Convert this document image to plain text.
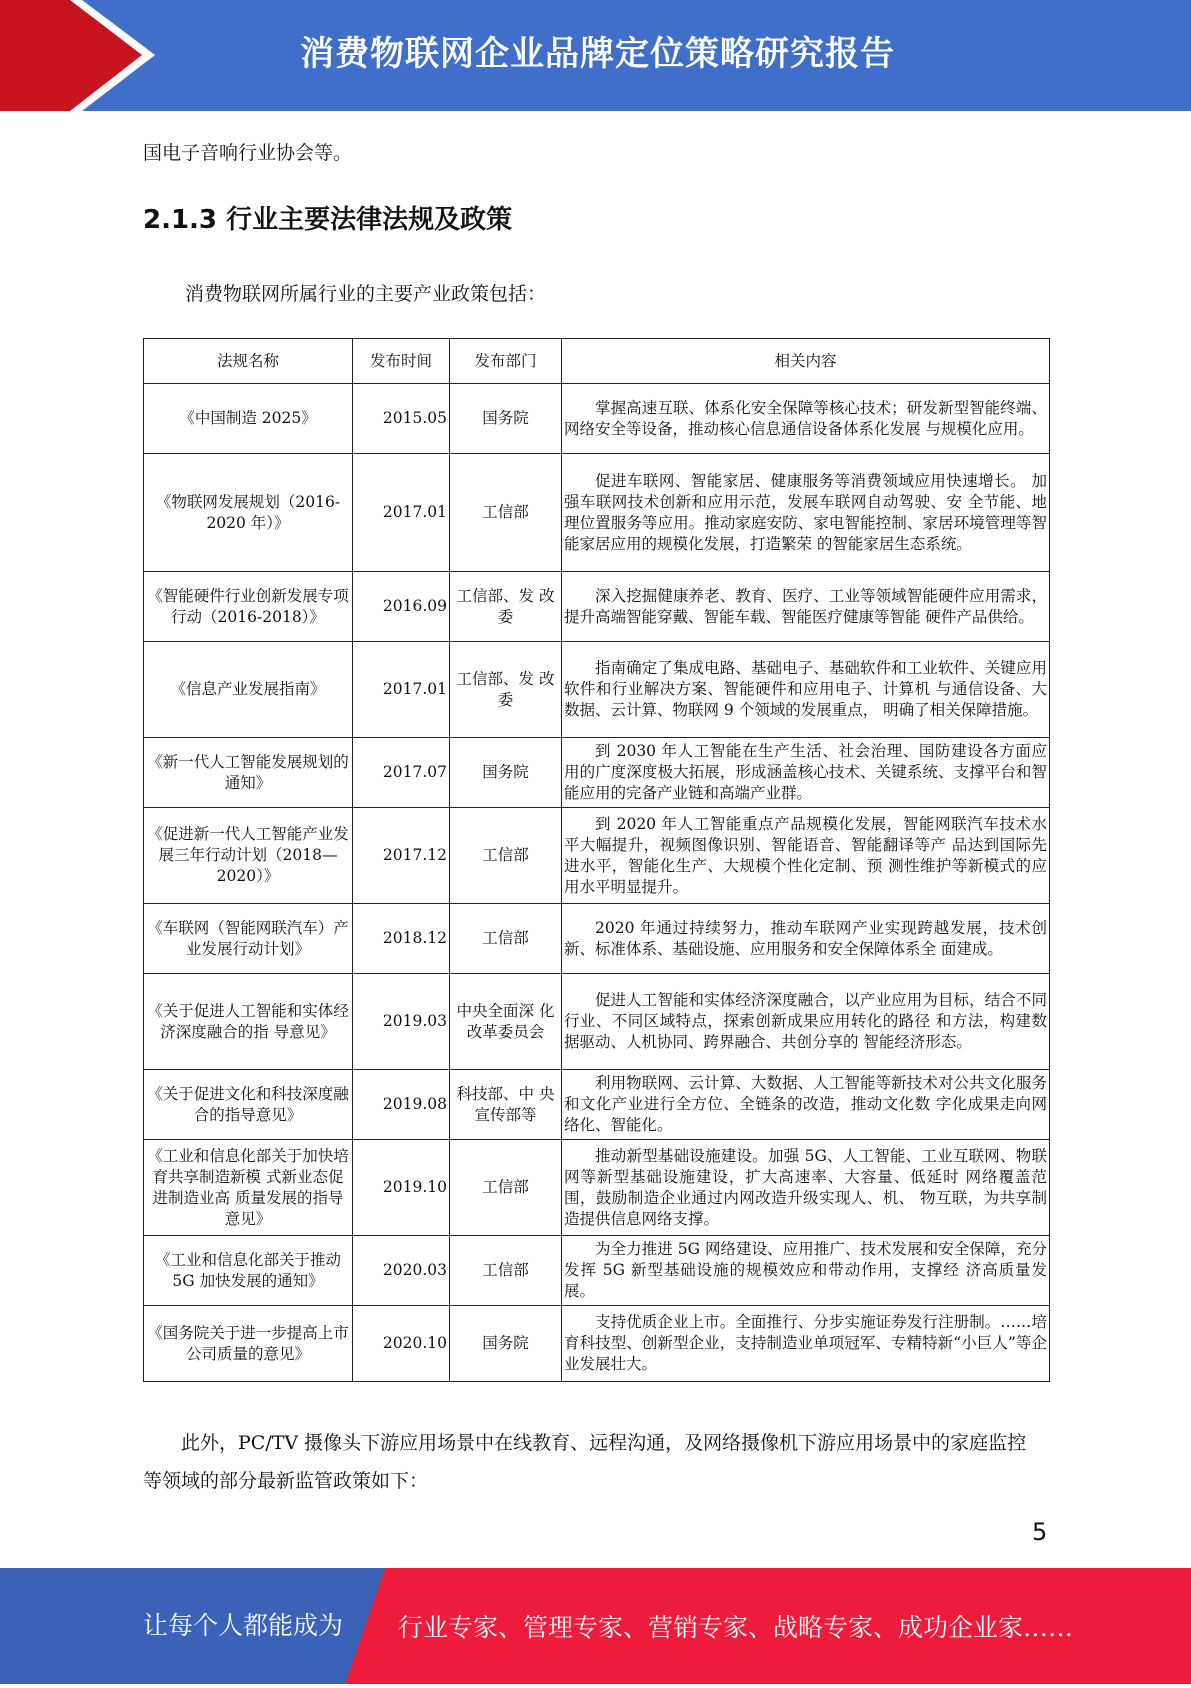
消费物联网企业品牌定位策略研究报告
国电子音响行业协会等。
2.1.3 行业主要法律法规及政策
消费物联网所属行业的主要产业政策包括：
法规名称	发布时间	发布部门	相关内容
《中国制造 2025》	2015.05	国务院	掌握高速互联、体系化安全保障等核心技术；研发新型智能终端、网络安全等设备，推动核心信息通信设备体系化发展 与规模化应用。

《物联网发展规划（2016-2020 年）》	2017.01	工信部	促进车联网、智能家居、健康服务等消费领域应用快速增长。 加强车联网技术创新和应用示范，发展车联网自动驾驶、安 全节能、地理位置服务等应用。推动家庭安防、家电智能控制、家居环境管理等智能家居应用的规模化发展，打造繁荣 的智能家居生态系统。

《智能硬件行业创新发展专项行动（2016-2018）》	2016.09	工信部、发 改委	深入挖掘健康养老、教育、医疗、工业等领域智能硬件应用需求，提升高端智能穿戴、智能车载、智能医疗健康等智能 硬件产品供给。

《信息产业发展指南》	2017.01	工信部、发 改委	指南确定了集成电路、基础电子、基础软件和工业软件、关键应用软件和行业解决方案、智能硬件和应用电子、计算机 与通信设备、大数据、云计算、物联网 9 个领域的发展重点， 明确了相关保障措施。

《新一代人工智能发展规划的通知》	2017.07	国务院	到 2030 年人工智能在生产生活、社会治理、国防建设各方面应用的广度深度极大拓展，形成涵盖核心技术、关键系统、支撑平台和智能应用的完备产业链和高端产业群。

《促进新一代人工智能产业发展三年行动计划（2018—2020）》	2017.12	工信部	到 2020 年人工智能重点产品规模化发展，智能网联汽车技术水平大幅提升，视频图像识别、智能语音、智能翻译等产 品达到国际先进水平，智能化生产、大规模个性化定制、预 测性维护等新模式的应用水平明显提升。

《车联网（智能网联汽车）产业发展行动计划》	2018.12	工信部	2020 年通过持续努力，推动车联网产业实现跨越发展，技术创新、标准体系、基础设施、应用服务和安全保障体系全 面建成。

《关于促进人工智能和实体经济深度融合的指 导意见》	2019.03	中央全面深 化改革委员会	促进人工智能和实体经济深度融合，以产业应用为目标，结合不同行业、不同区域特点，探索创新成果应用转化的路径 和方法，构建数据驱动、人机协同、跨界融合、共创分享的 智能经济形态。

《关于促进文化和科技深度融合的指导意见》	2019.08	科技部、中 央宣传部等	利用物联网、云计算、大数据、人工智能等新技术对公共文化服务和文化产业进行全方位、全链条的改造，推动文化数 字化成果走向网络化、智能化。

《工业和信息化部关于加快培育共享制造新模 式新业态促进制造业高 质量发展的指导意见》	2019.10	工信部	推动新型基础设施建设。加强 5G、人工智能、工业互联网、物联网等新型基础设施建设，扩大高速率、大容量、低延时 网络覆盖范围，鼓励制造企业通过内网改造升级实现人、机、 物互联，为共享制造提供信息网络支撑。

《工业和信息化部关于推动 5G 加快发展的通知》	2020.03	工信部	为全力推进 5G 网络建设、应用推广、技术发展和安全保障，充分发挥 5G 新型基础设施的规模效应和带动作用，支撑经 济高质量发展。

《国务院关于进一步提高上市公司质量的意见》	2020.10	国务院	支持优质企业上市。全面推行、分步实施证券发行注册制。……培育科技型、创新型企业，支持制造业单项冠军、专精特新“小巨人”等企业发展壮大。
此外，PC/TV 摄像头下游应用场景中在线教育、远程沟通，及网络摄像机下游应用场景中的家庭监控等领域的部分最新监管政策如下：
5
让每个人都能成为 行业专家、管理专家、营销专家、战略专家、成功企业家……
